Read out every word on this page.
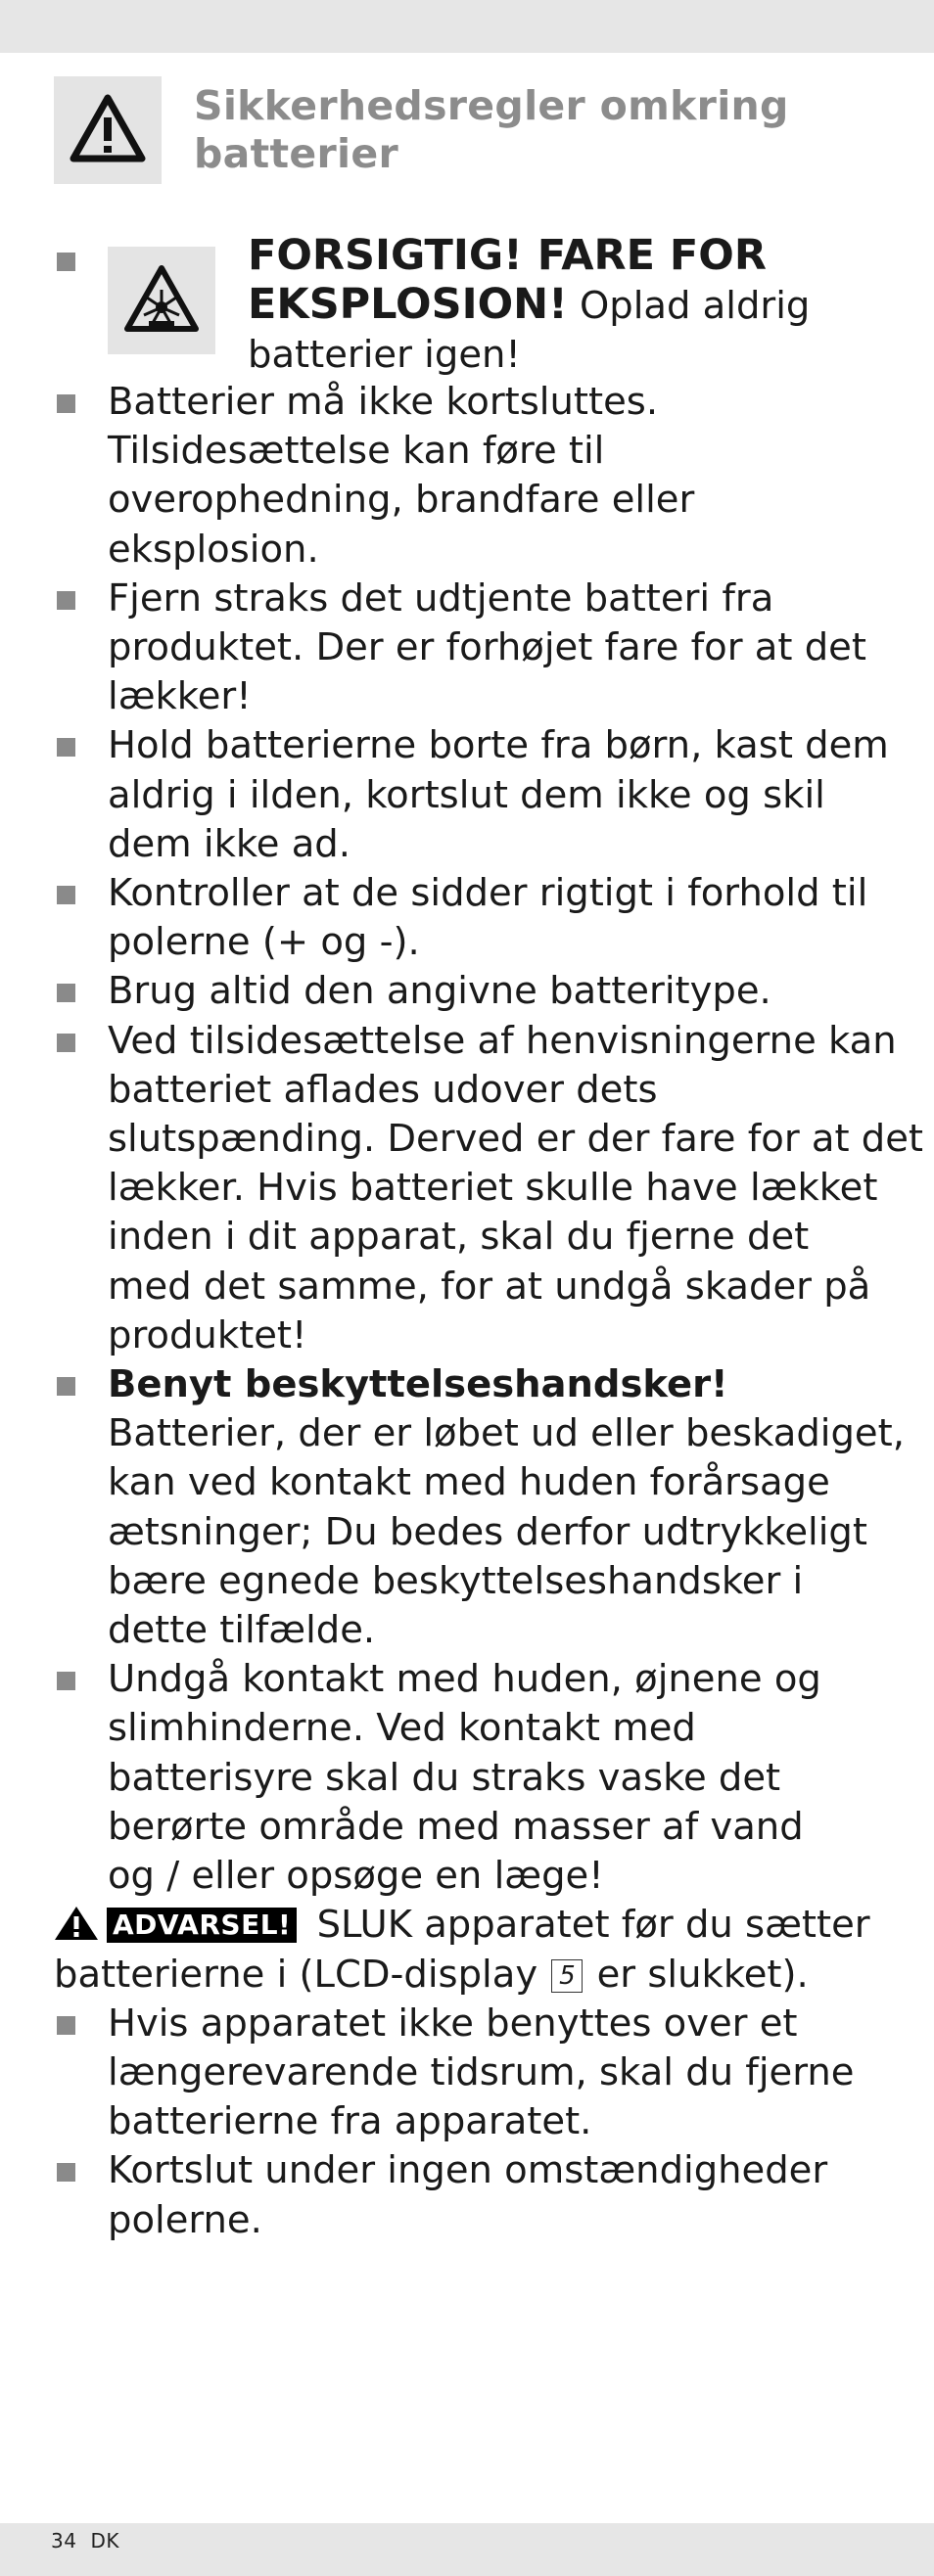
Sikkerhedsregler omkring
batterier
FORSIGTIG! FARE FOR
EKSPLOSION! Oplad aldrig
batterier igen!
Batterier må ikke kortsluttes.
Tilsidesættelse kan føre til
overophedning, brandfare eller
eksplosion.
Fjern straks det udtjente batteri fra
produktet. Der er forhøjet fare for at det
lækker!
Hold batterierne borte fra børn, kast dem
aldrig i ilden, kortslut dem ikke og skil
dem ikke ad.
Kontroller at de sidder rigtigt i forhold til
polerne (+ og -).
Brug altid den angivne batteritype.
Ved tilsidesættelse af henvisningerne kan
batteriet aflades udover dets
slutspænding. Derved er der fare for at det
lækker. Hvis batteriet skulle have lækket
inden i dit apparat, skal du fjerne det
med det samme, for at undgå skader på
produktet!
Benyt beskyttelseshandsker!
Batterier, der er løbet ud eller beskadiget,
kan ved kontakt med huden forårsage
ætsninger; Du bedes derfor udtrykkeligt
bære egnede beskyttelseshandsker i
dette tilfælde.
Undgå kontakt med huden, øjnene og
slimhinderne. Ved kontakt med
batterisyre skal du straks vaske det
berørte område med masser af vand
og / eller opsøge en læge!
ADVARSEL! SLUK apparatet før du sætter
batterierne i (LCD-display 5 er slukket).
Hvis apparatet ikke benyttes over et
længerevarende tidsrum, skal du fjerne
batterierne fra apparatet.
Kortslut under ingen omstændigheder
polerne.
34 DK
